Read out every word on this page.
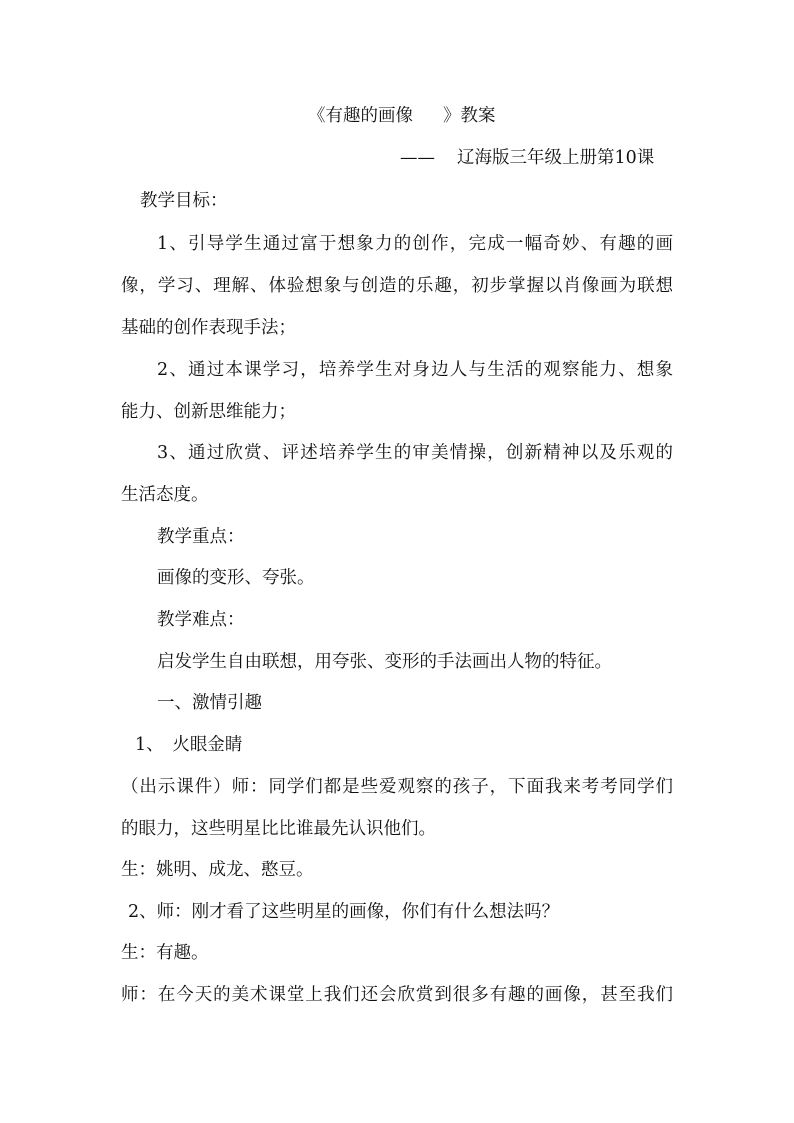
《有趣的画像 》教案
—— 辽海版三年级上册第10课
教学目标：
1、引导学生通过富于想象力的创作，完成一幅奇妙、有趣的画
像，学习、理解、体验想象与创造的乐趣，初步掌握以肖像画为联想
基础的创作表现手法；
2、通过本课学习，培养学生对身边人与生活的观察能力、想象
能力、创新思维能力；
3、通过欣赏、评述培养学生的审美情操，创新精神以及乐观的
生活态度。
教学重点：
画像的变形、夸张。
教学难点：
启发学生自由联想，用夸张、变形的手法画出人物的特征。
一、激情引趣
1、　火眼金睛
（出示课件）师：同学们都是些爱观察的孩子，下面我来考考同学们
的眼力，这些明星比比谁最先认识他们。
生：姚明、成龙、憨豆。
2、师：刚才看了这些明星的画像，你们有什么想法吗？
生：有趣。
师：在今天的美术课堂上我们还会欣赏到很多有趣的画像，甚至我们
